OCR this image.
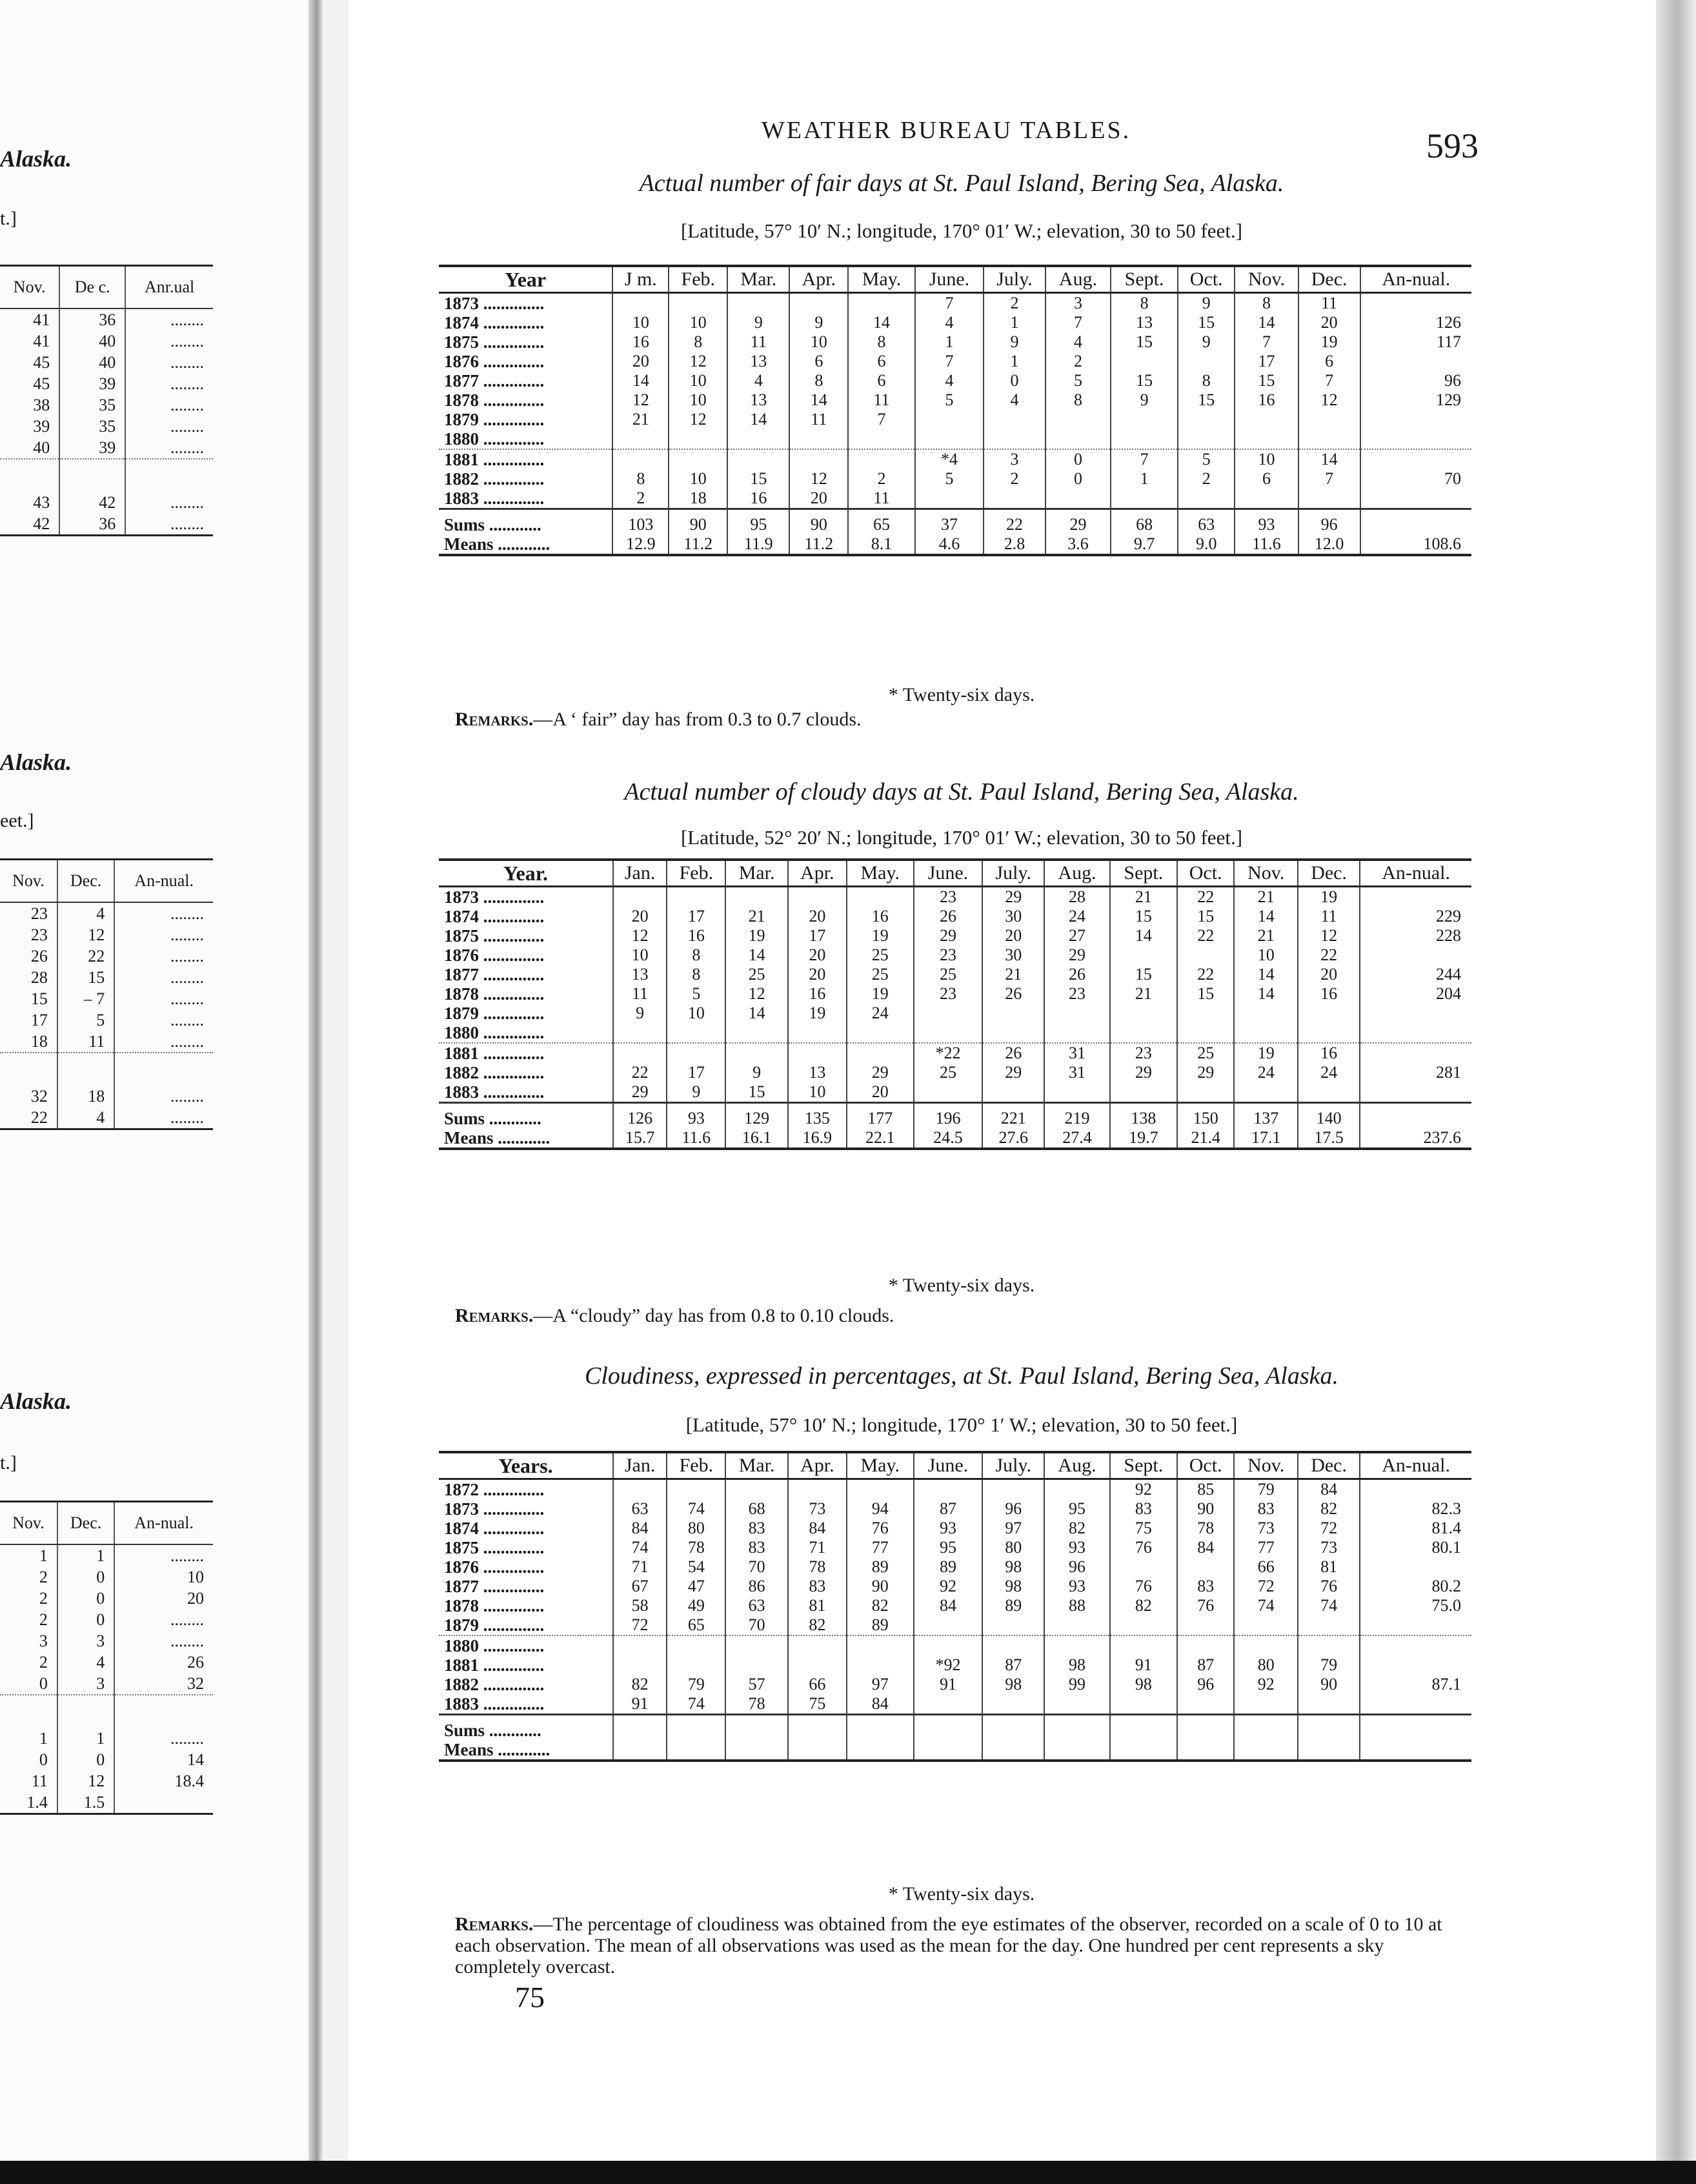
WEATHER BUREAU TABLES.	593
Actual number of fair days at St. Paul Island, Bering Sea, Alaska.
[Latitude, 57° 10′ N.; longitude, 170° 01′ W.; elevation, 30 to 50 feet.]
Year	J m.	Feb.	Mar.	Apr.	May.	June.	July.	Aug.	Sept.	Oct.	Nov.	Dec.	An-nual.
1873 ..............						7	2	3	8	9	8	11	
1874 ..............	10	10	9	9	14	4	1	7	13	15	14	20	126
1875 ..............	16	8	11	10	8	1	9	4	15	9	7	19	117
1876 ..............	20	12	13	6	6	7	1	2			17	6	
1877 ..............	14	10	4	8	6	4	0	5	15	8	15	7	96
1878 ..............	12	10	13	14	11	5	4	8	9	15	16	12	129
1879 ..............	21	12	14	11	7								
1880 ..............													
1881 ..............						*4	3	0	7	5	10	14	
1882 ..............	8	10	15	12	2	5	2	0	1	2	6	7	70
1883 ..............	2	18	16	20	11								
Sums ............	103	90	95	90	65	37	22	29	68	63	93	96	
Means ............	12.9	11.2	11.9	11.2	8.1	4.6	2.8	3.6	9.7	9.0	11.6	12.0	108.6
* Twenty-six days.
Remarks.—A ‘ fair” day has from 0.3 to 0.7 clouds.
Actual number of cloudy days at St. Paul Island, Bering Sea, Alaska.
[Latitude, 52° 20′ N.; longitude, 170° 01′ W.; elevation, 30 to 50 feet.]
Year.	Jan.	Feb.	Mar.	Apr.	May.	June.	July.	Aug.	Sept.	Oct.	Nov.	Dec.	An-nual.
1873 ..............						23	29	28	21	22	21	19	
1874 ..............	20	17	21	20	16	26	30	24	15	15	14	11	229
1875 ..............	12	16	19	17	19	29	20	27	14	22	21	12	228
1876 ..............	10	8	14	20	25	23	30	29			10	22	
1877 ..............	13	8	25	20	25	25	21	26	15	22	14	20	244
1878 ..............	11	5	12	16	19	23	26	23	21	15	14	16	204
1879 ..............	9	10	14	19	24								
1880 ..............													
1881 ..............						*22	26	31	23	25	19	16	
1882 ..............	22	17	9	13	29	25	29	31	29	29	24	24	281
1883 ..............	29	9	15	10	20								
Sums ............	126	93	129	135	177	196	221	219	138	150	137	140	
Means ............	15.7	11.6	16.1	16.9	22.1	24.5	27.6	27.4	19.7	21.4	17.1	17.5	237.6
* Twenty-six days.
Remarks.—A “cloudy” day has from 0.8 to 0.10 clouds.
Cloudiness, expressed in percentages, at St. Paul Island, Bering Sea, Alaska.
[Latitude, 57° 10′ N.; longitude, 170° 1′ W.; elevation, 30 to 50 feet.]
Years.	Jan.	Feb.	Mar.	Apr.	May.	June.	July.	Aug.	Sept.	Oct.	Nov.	Dec.	An-nual.
1872 ..............									92	85	79	84	
1873 ..............	63	74	68	73	94	87	96	95	83	90	83	82	82.3
1874 ..............	84	80	83	84	76	93	97	82	75	78	73	72	81.4
1875 ..............	74	78	83	71	77	95	80	93	76	84	77	73	80.1
1876 ..............	71	54	70	78	89	89	98	96			66	81	
1877 ..............	67	47	86	83	90	92	98	93	76	83	72	76	80.2
1878 ..............	58	49	63	81	82	84	89	88	82	76	74	74	75.0
1879 ..............	72	65	70	82	89								
1880 ..............													
1881 ..............						*92	87	98	91	87	80	79	
1882 ..............	82	79	57	66	97	91	98	99	98	96	92	90	87.1
1883 ..............	91	74	78	75	84								
Sums ............													
Means ............													
* Twenty-six days.
Remarks.—The percentage of cloudiness was obtained from the eye estimates of the observer, recorded on a scale of 0 to 10 at each observation. The mean of all observations was used as the mean for the day. One hundred per cent represents a sky completely overcast.
75
Alaska.
t.]
Nov.	De c.	Anr.ual
41	36	........
41	40	........
45	40	........
45	39	........
38	35	........
39	35	........
40	39	........

43	42	........
42	36	........
Alaska.
eet.]
Nov.	Dec.	An-nual.
23	4	........
23	12	........
26	22	........
28	15	........
15	– 7	........
17	5	........
18	11	........

32	18	........
22	4	........
Alaska.
t.]
Nov.	Dec.	An-nual.
1	1	........
2	0	10
2	0	20
2	0	........
3	3	........
2	4	26
0	3	32

1	1	........
0	0	14
11	12	18.4
1.4	1.5	
